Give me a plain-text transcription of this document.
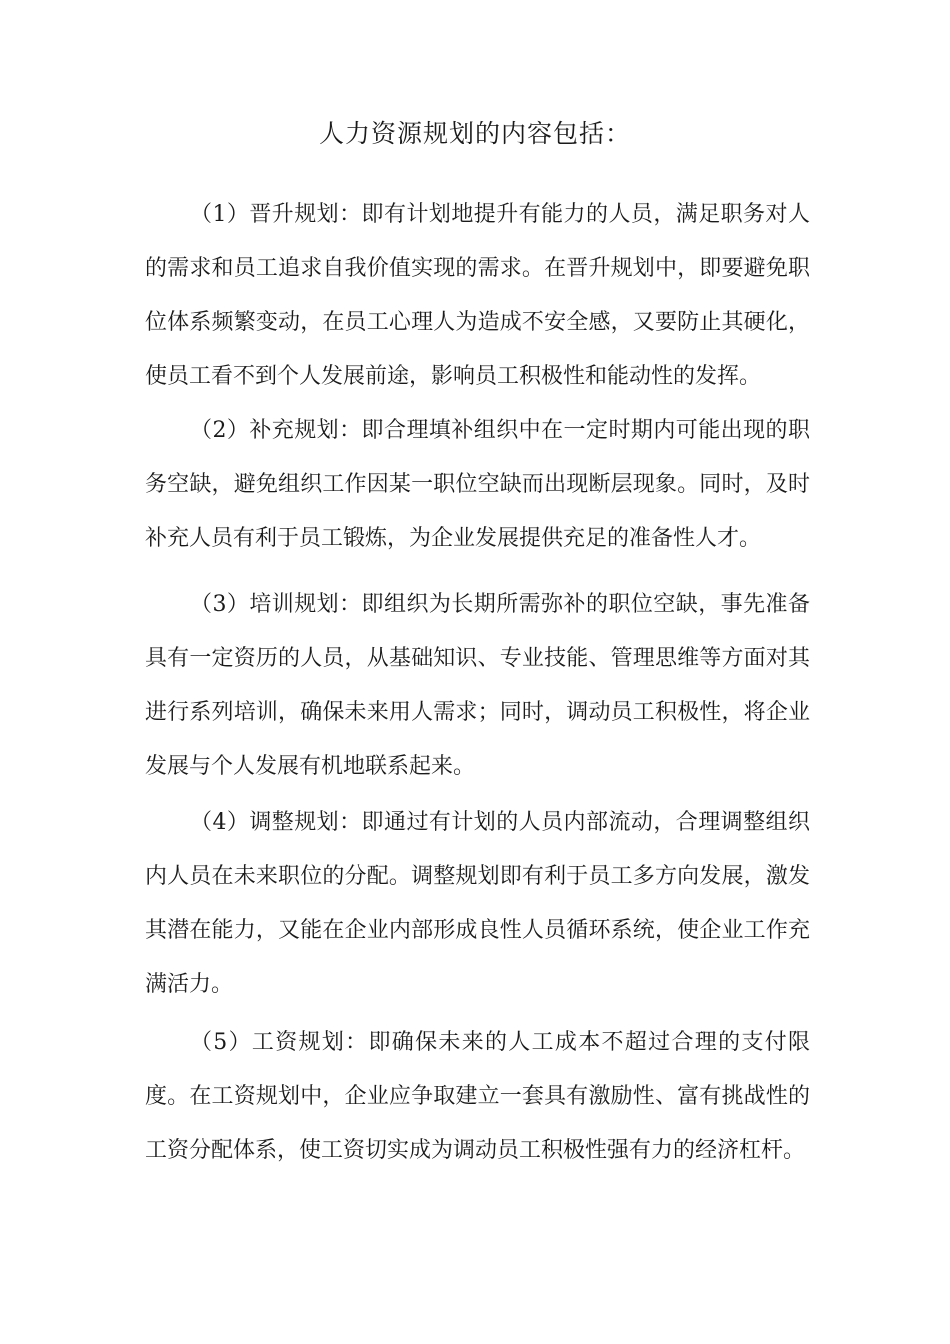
人力资源规划的内容包括：

（1）晋升规划：即有计划地提升有能力的人员，满足职务对人的需求和员工追求自我价值实现的需求。在晋升规划中，即要避免职位体系频繁变动，在员工心理人为造成不安全感，又要防止其硬化，使员工看不到个人发展前途，影响员工积极性和能动性的发挥。

（2）补充规划：即合理填补组织中在一定时期内可能出现的职务空缺，避免组织工作因某一职位空缺而出现断层现象。同时，及时补充人员有利于员工锻炼，为企业发展提供充足的准备性人才。

（3）培训规划：即组织为长期所需弥补的职位空缺，事先准备具有一定资历的人员，从基础知识、专业技能、管理思维等方面对其进行系列培训，确保未来用人需求；同时，调动员工积极性，将企业发展与个人发展有机地联系起来。

（4）调整规划：即通过有计划的人员内部流动，合理调整组织内人员在未来职位的分配。调整规划即有利于员工多方向发展，激发其潜在能力，又能在企业内部形成良性人员循环系统，使企业工作充满活力。

（5）工资规划：即确保未来的人工成本不超过合理的支付限度。在工资规划中，企业应争取建立一套具有激励性、富有挑战性的工资分配体系，使工资切实成为调动员工积极性强有力的经济杠杆。
